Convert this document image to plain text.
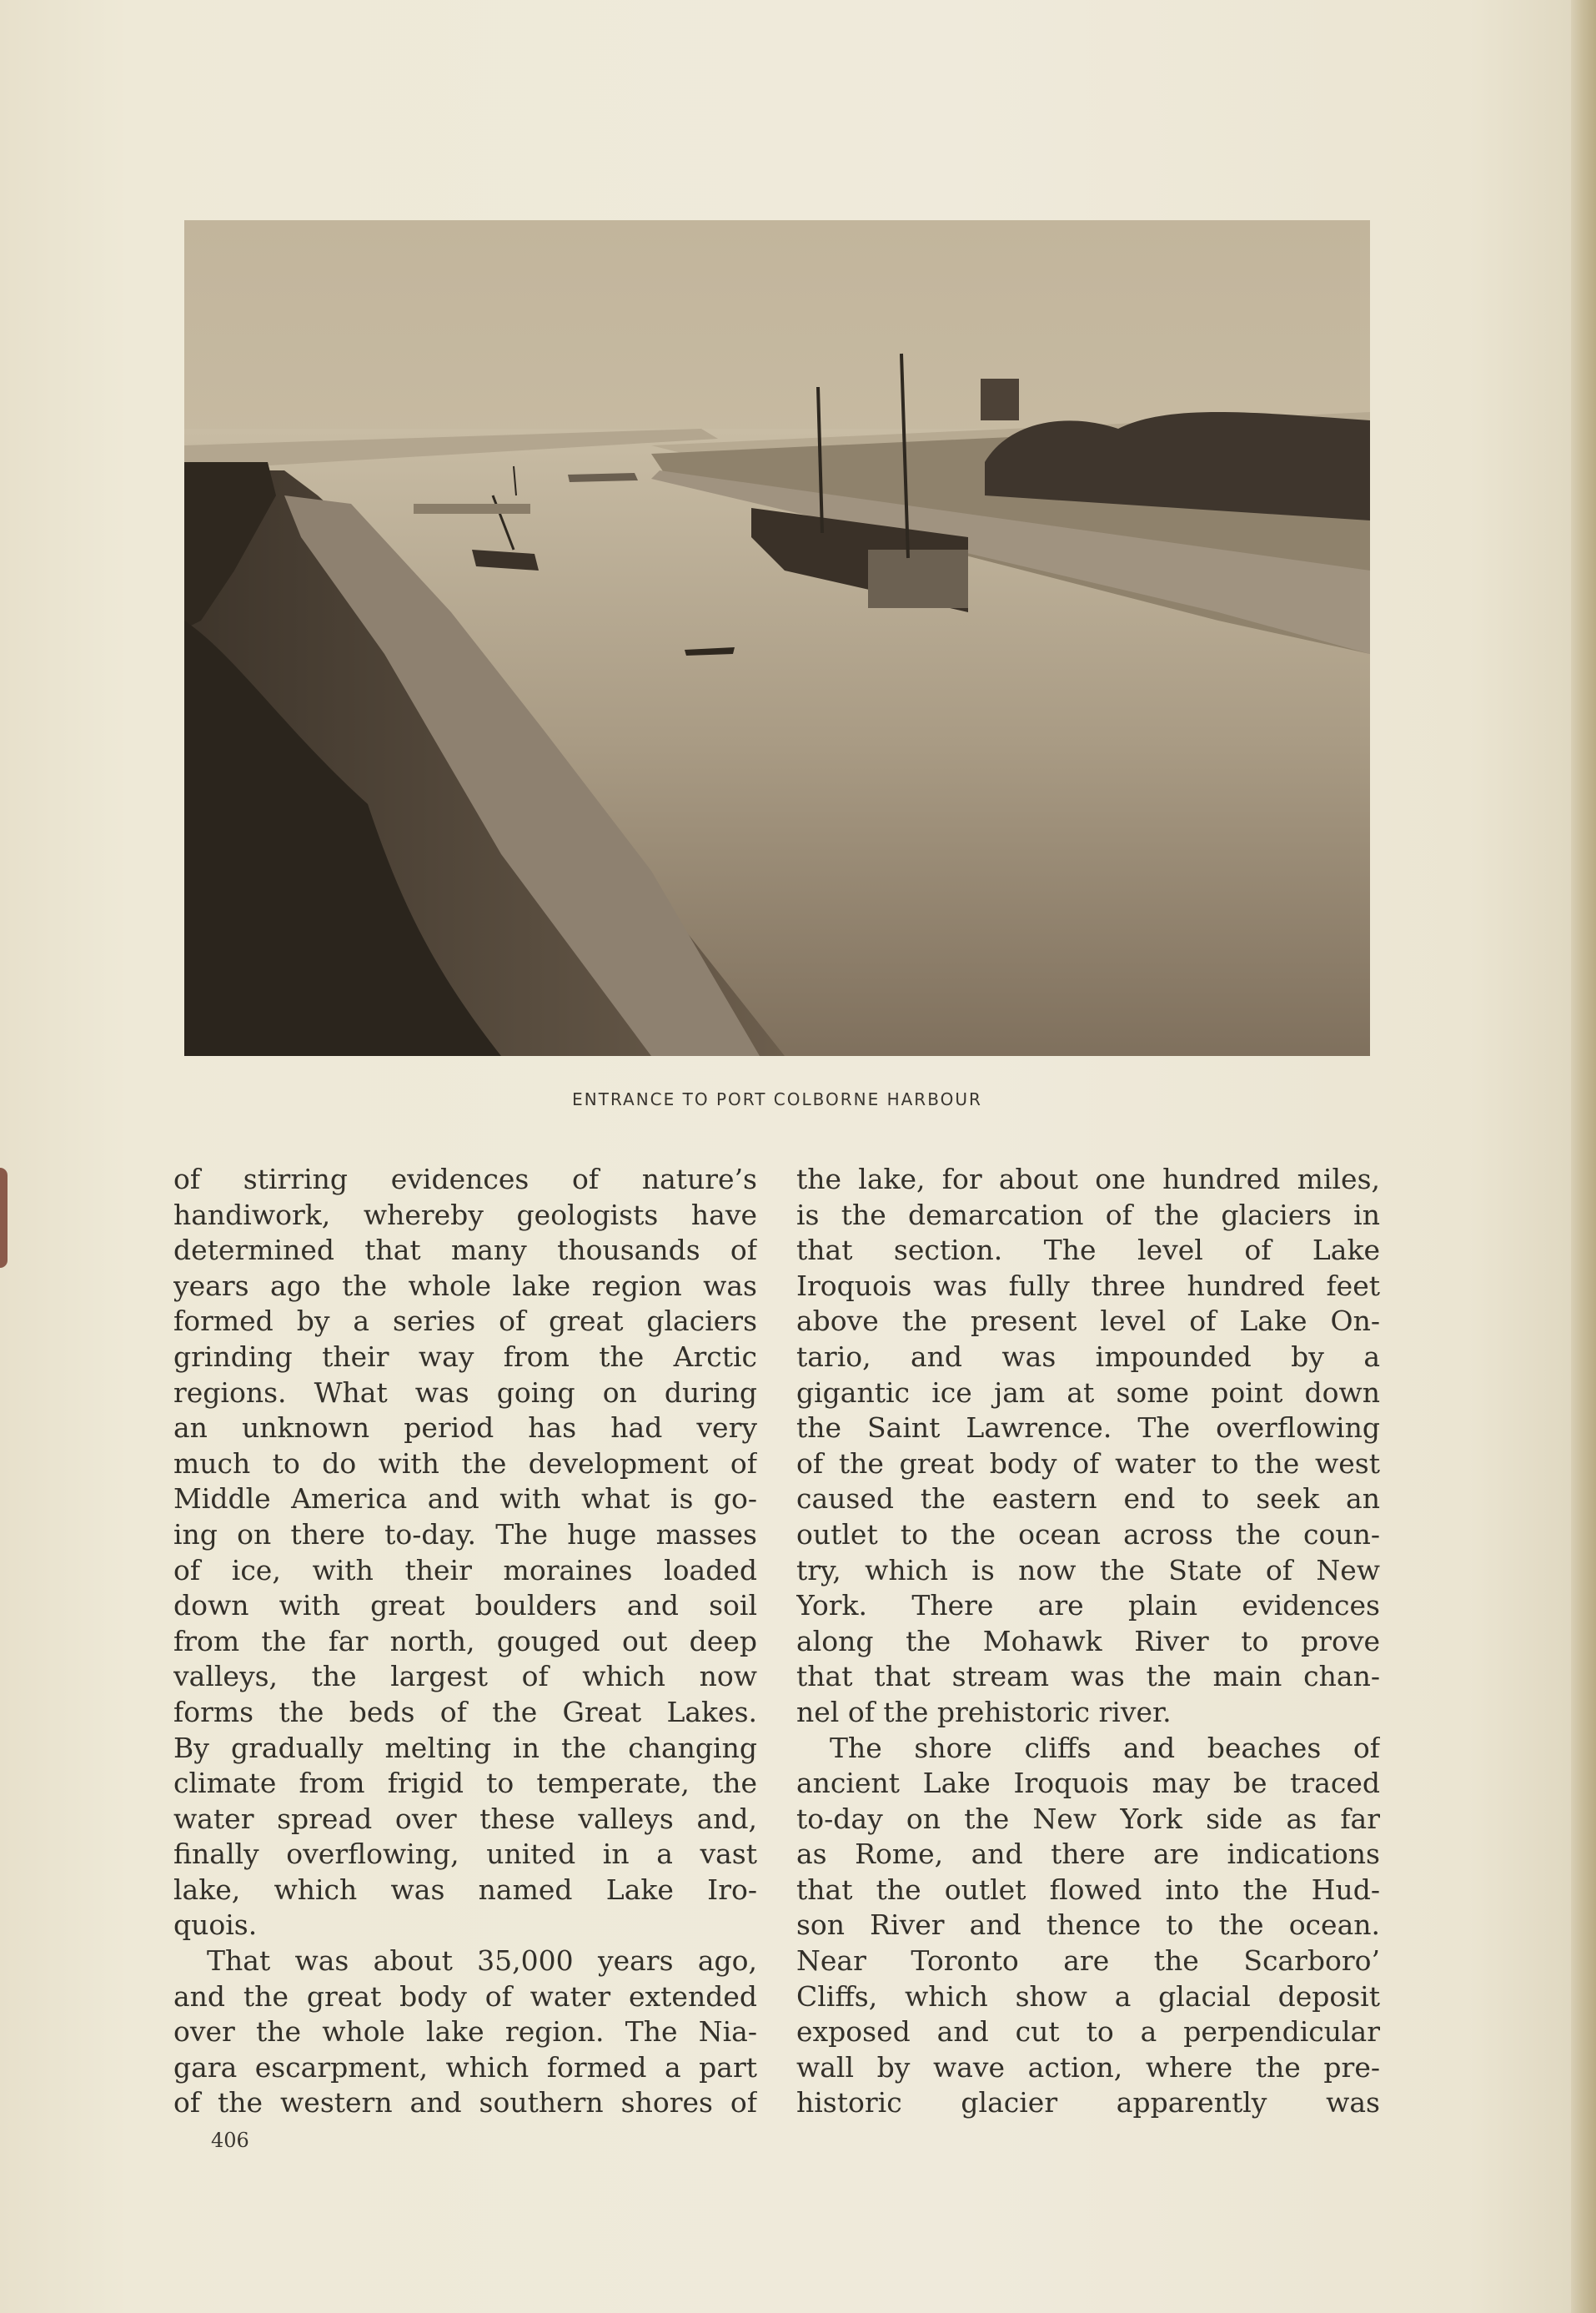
ENTRANCE TO PORT COLBORNE HARBOUR
of stirring evidences of nature’s
handiwork, whereby geologists have
determined that many thousands of
years ago the whole lake region was
formed by a series of great glaciers
grinding their way from the Arctic
regions. What was going on during
an unknown period has had very
much to do with the development of
Middle America and with what is go-
ing on there to-day. The huge masses
of ice, with their moraines loaded
down with great boulders and soil
from the far north, gouged out deep
valleys, the largest of which now
forms the beds of the Great Lakes.
By gradually melting in the changing
climate from frigid to temperate, the
water spread over these valleys and,
finally overflowing, united in a vast
lake, which was named Lake Iro-
quois.
That was about 35,000 years ago,
and the great body of water extended
over the whole lake region. The Nia-
gara escarpment, which formed a part
of the western and southern shores of
the lake, for about one hundred miles,
is the demarcation of the glaciers in
that section. The level of Lake
Iroquois was fully three hundred feet
above the present level of Lake On-
tario, and was impounded by a
gigantic ice jam at some point down
the Saint Lawrence. The overflowing
of the great body of water to the west
caused the eastern end to seek an
outlet to the ocean across the coun-
try, which is now the State of New
York. There are plain evidences
along the Mohawk River to prove
that that stream was the main chan-
nel of the prehistoric river.
The shore cliffs and beaches of
ancient Lake Iroquois may be traced
to-day on the New York side as far
as Rome, and there are indications
that the outlet flowed into the Hud-
son River and thence to the ocean.
Near Toronto are the Scarboro’
Cliffs, which show a glacial deposit
exposed and cut to a perpendicular
wall by wave action, where the pre-
historic glacier apparently was
406
